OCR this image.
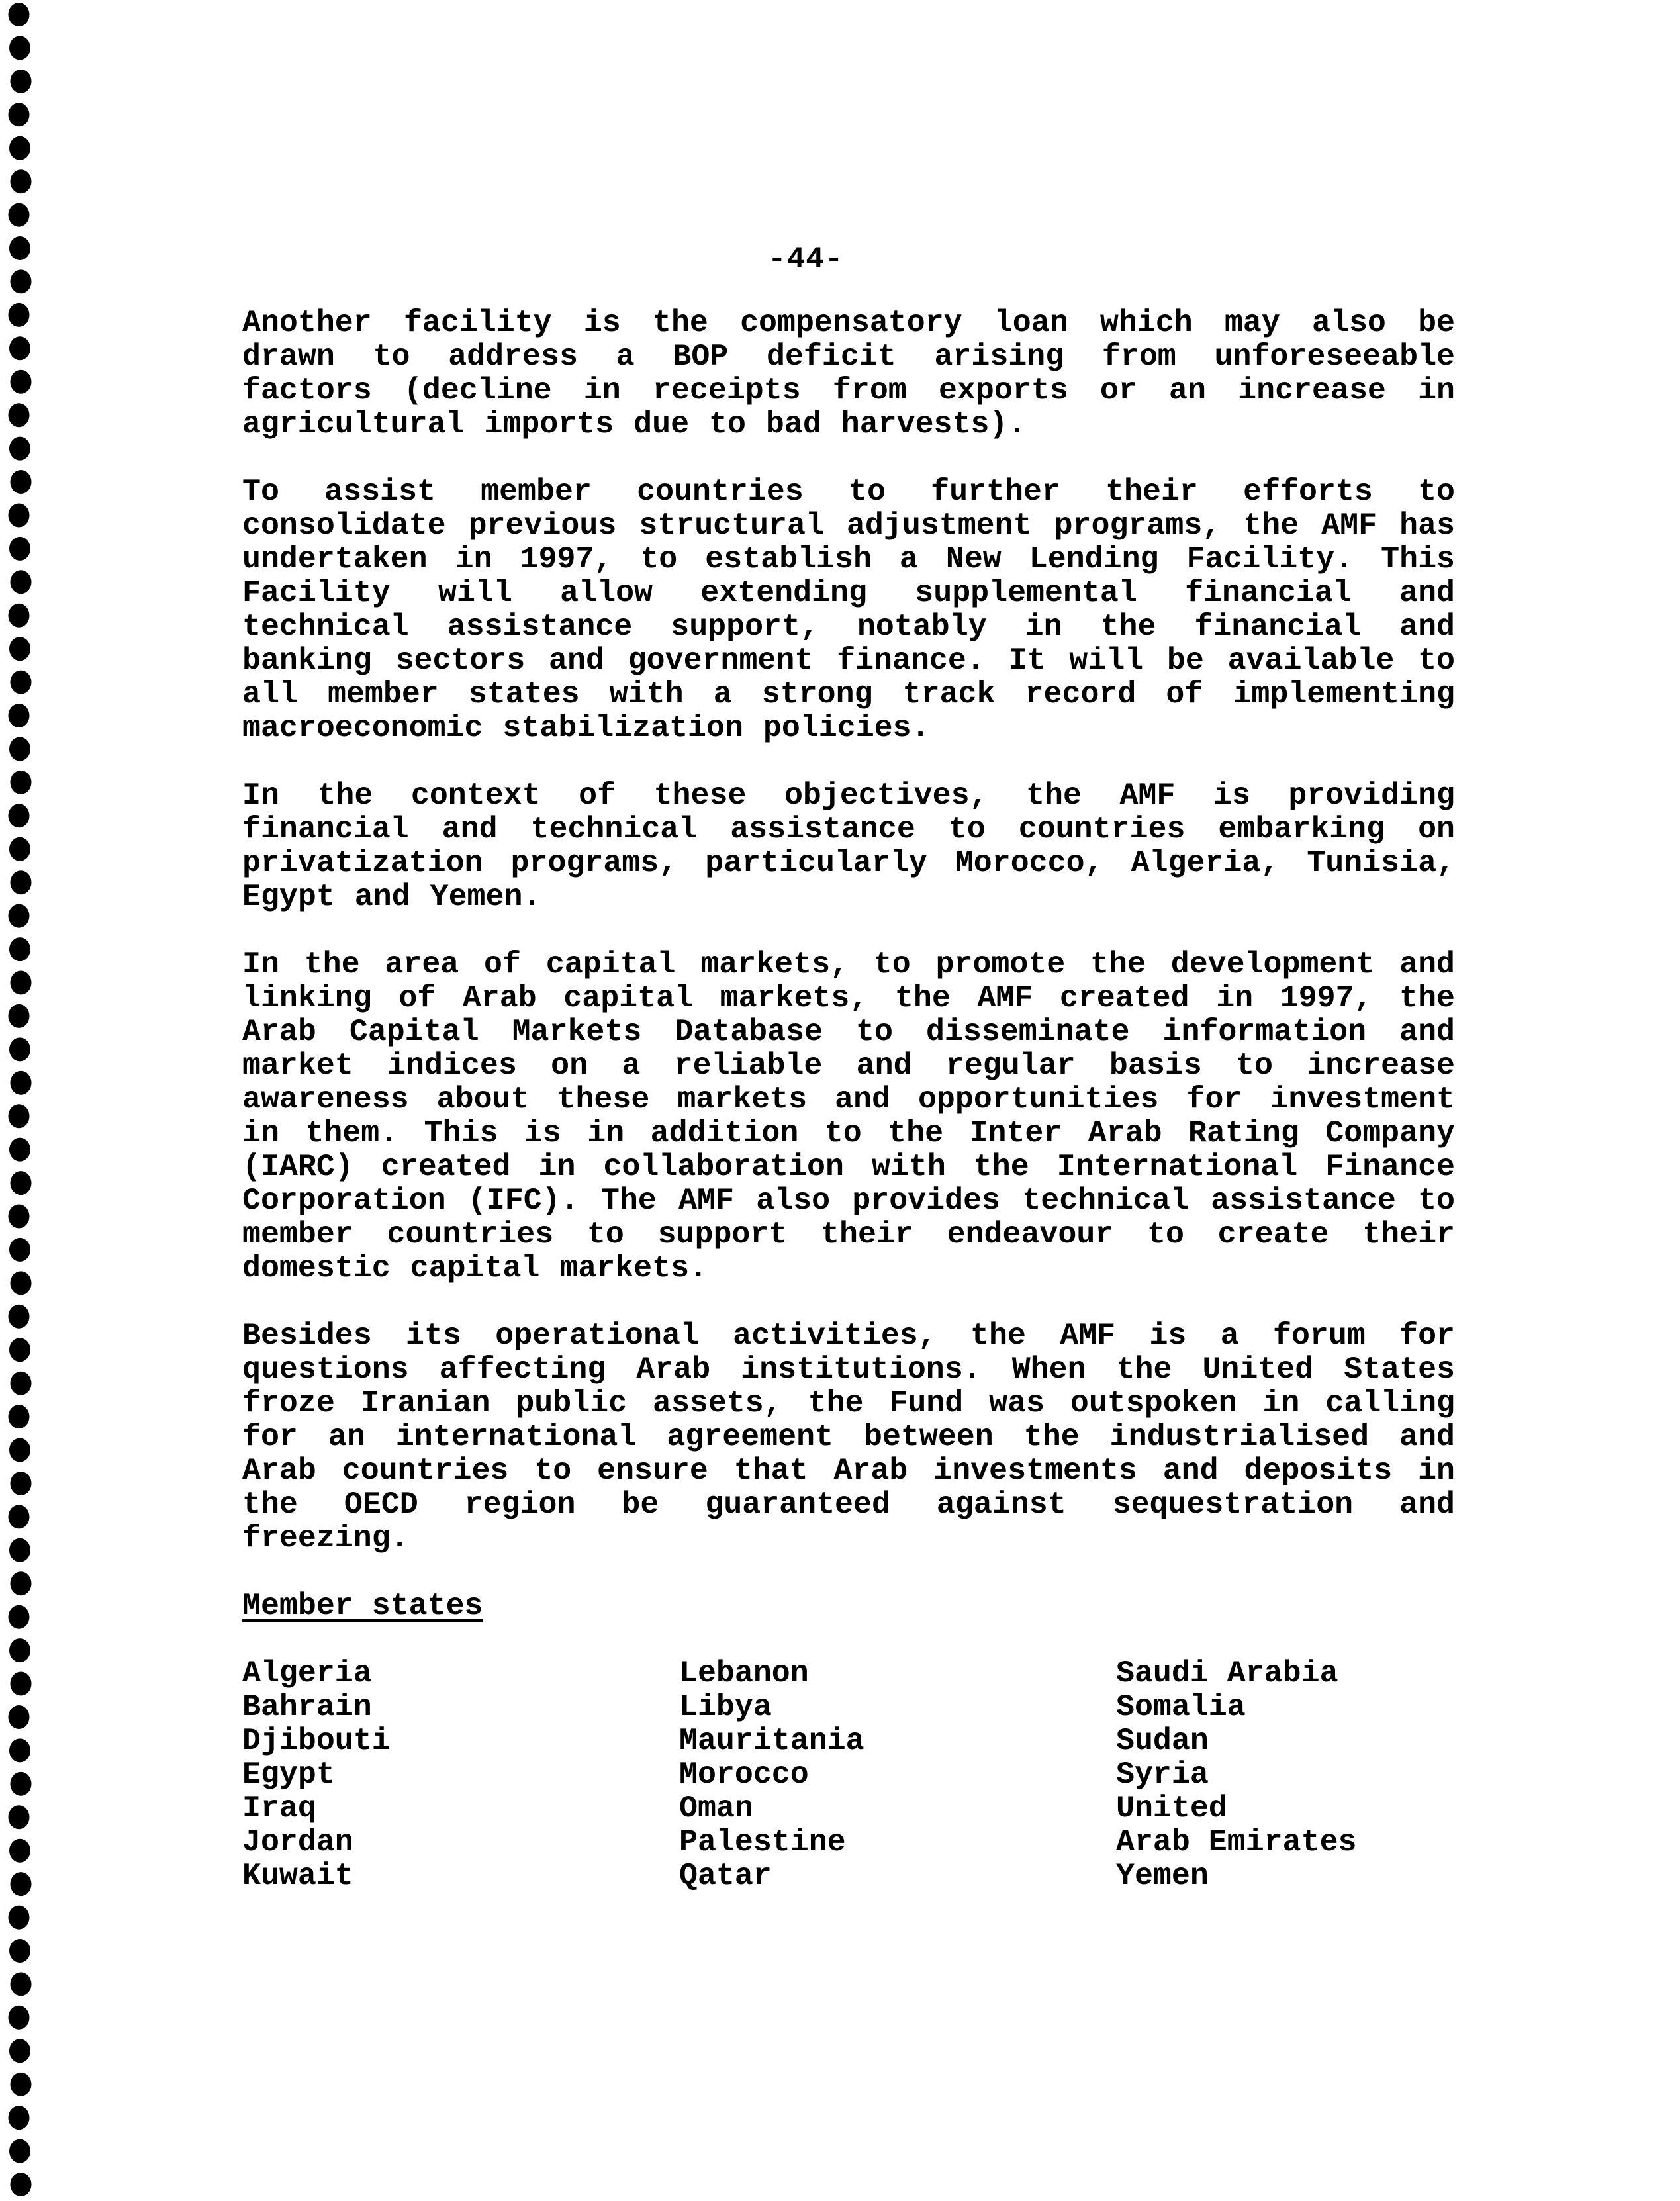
-44-

Another facility is the compensatory loan which may also be drawn to address a BOP deficit arising from unforeseeable factors (decline in receipts from exports or an increase in agricultural imports due to bad harvests).

To assist member countries to further their efforts to consolidate previous structural adjustment programs, the AMF has undertaken in 1997, to establish a New Lending Facility. This Facility will allow extending supplemental financial and technical assistance support, notably in the financial and banking sectors and government finance. It will be available to all member states with a strong track record of implementing macroeconomic stabilization policies.

In the context of these objectives, the AMF is providing financial and technical assistance to countries embarking on privatization programs, particularly Morocco, Algeria, Tunisia, Egypt and Yemen.

In the area of capital markets, to promote the development and linking of Arab capital markets, the AMF created in 1997, the Arab Capital Markets Database to disseminate information and market indices on a reliable and regular basis to increase awareness about these markets and opportunities for investment in them. This is in addition to the Inter Arab Rating Company (IARC) created in collaboration with the International Finance Corporation (IFC). The AMF also provides technical assistance to member countries to support their endeavour to create their domestic capital markets.

Besides its operational activities, the AMF is a forum for questions affecting Arab institutions. When the United States froze Iranian public assets, the Fund was outspoken in calling for an international agreement between the industrialised and Arab countries to ensure that Arab investments and deposits in the OECD region be guaranteed against sequestration and freezing.

Member states
Algeria
Bahrain
Djibouti
Egypt
Iraq
Jordan
Kuwait
Lebanon
Libya
Mauritania
Morocco
Oman
Palestine
Qatar
Saudi Arabia
Somalia
Sudan
Syria
United
Arab Emirates
Yemen
